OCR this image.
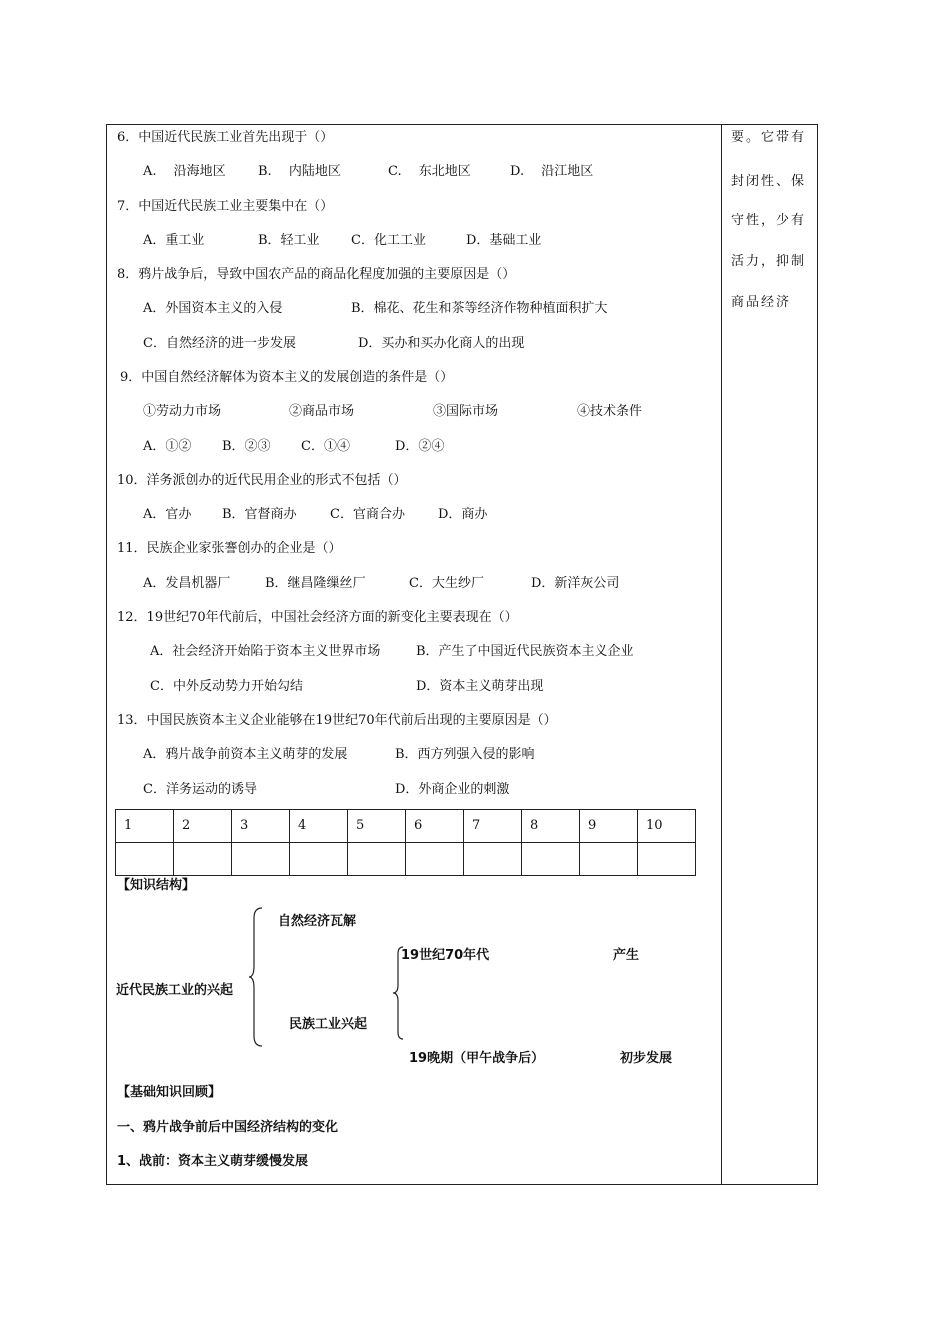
要。它带有
封闭性、保
守性，少有
活力，抑制
商品经济
6．中国近代民族工业首先出现于（）
A.　 沿海地区 B.　 内陆地区	C.　 东北地区	D.　 沿江地区
7．中国近代民族工业主要集中在（）
A．重工业	B．轻工业 C．化工工业	D．基础工业
8．鸦片战争后，导致中国农产品的商品化程度加强的主要原因是（）
A．外国资本主义的入侵	B．棉花、花生和茶等经济作物种植面积扩大
C．自然经济的进一步发展	D．买办和买办化商人的出现
9．中国自然经济解体为资本主义的发展创造的条件是（）
①劳动力市场	②商品市场	③国际市场	④技术条件
A．①② B．②③ C．①④	D．②④
10．洋务派创办的近代民用企业的形式不包括（）
A．官办 B．官督商办	C．官商合办	D．商办
11．民族企业家张謇创办的企业是（）
A．发昌机器厂	B．继昌隆缫丝厂	C．大生纱厂	D．新洋灰公司
12．19世纪70年代前后，中国社会经济方面的新变化主要表现在（）
A．社会经济开始陷于资本主义世界市场	B．产生了中国近代民族资本主义企业
C．中外反动势力开始勾结	D．资本主义萌芽出现
13．中国民族资本主义企业能够在19世纪70年代前后出现的主要原因是（）
A．鸦片战争前资本主义萌芽的发展	B．西方列强入侵的影响
C．洋务运动的诱导	D．外商企业的刺激
1	2	3	4	5	6	7	8	9	10

【知识结构】
自然经济瓦解
近代民族工业的兴起
民族工业兴起
19世纪70年代	产生
19晚期（甲午战争后）	初步发展
【基础知识回顾】
一、鸦片战争前后中国经济结构的变化
1、战前：资本主义萌芽缓慢发展
